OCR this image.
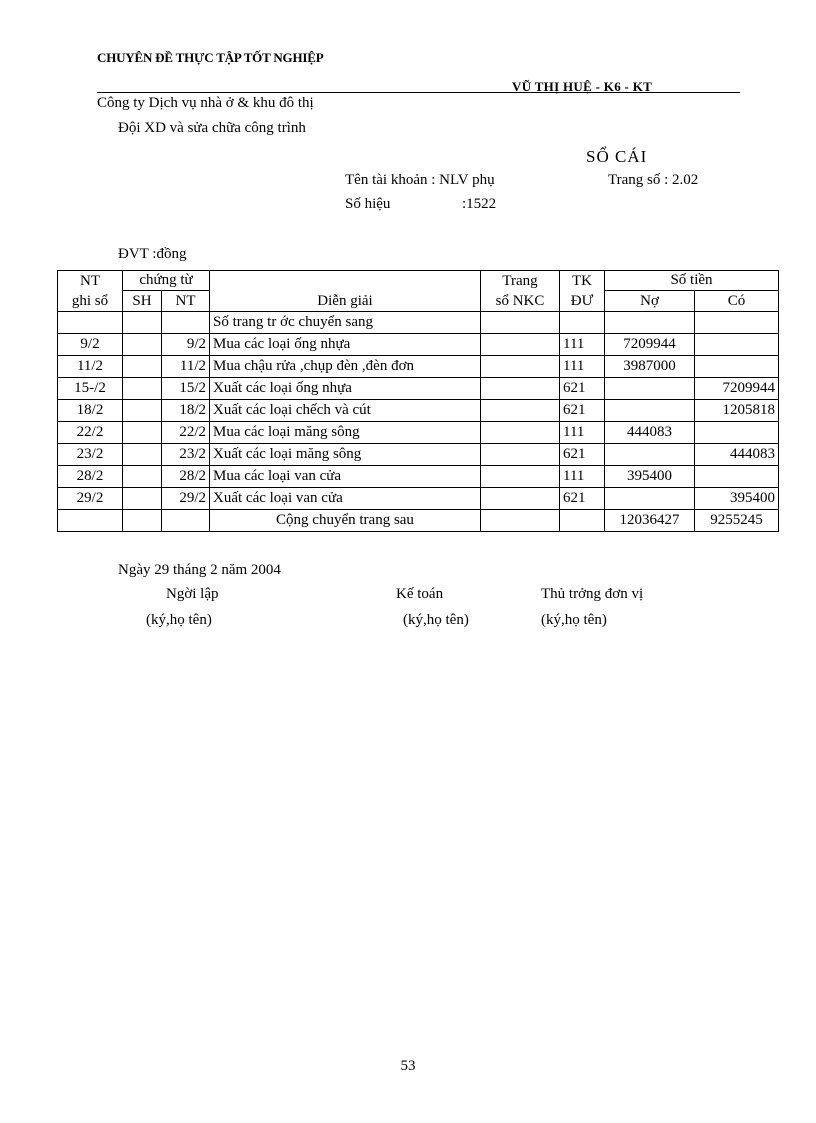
CHUYÊN ĐỀ THỰC TẬP TỐT NGHIỆP
VŨ THỊ HUỆ - K6 - KT
Công ty Dịch vụ nhà ở & khu đô thị
Đội XD và sửa chữa công trình
SỔ CÁI
Tên tài khoản : NLV phụ	Trang số : 2.02
Số hiệu	:1522
ĐVT :đồng
NT	chứng từ			Trang	TK	Số tiền	
ghi sổ	SH	NT	Diễn giải	sổ NKC	ĐƯ	Nợ	Có
			Số trang tr ớc chuyển sang				
9/2		9/2	Mua các loại ống nhựa		111	7209944	
11/2		11/2	Mua chậu rửa ,chụp đèn ,đèn đơn		111	3987000	
15-/2		15/2	Xuất các loại ống nhựa		621		7209944
18/2		18/2	Xuất các loại chếch và cút		621		1205818
22/2		22/2	Mua các loại măng sông		111	444083	
23/2		23/2	Xuất các loại măng sông		621		444083
28/2		28/2	Mua các loại van cửa		111	395400	
29/2		29/2	Xuất các loại van cửa		621		395400
			Cộng chuyển trang sau			12036427	9255245
Ngày 29 tháng 2 năm 2004
Ngời lập	Kế toán	Thủ trởng đơn vị
(ký,họ tên)	(ký,họ tên)	(ký,họ tên)
53
